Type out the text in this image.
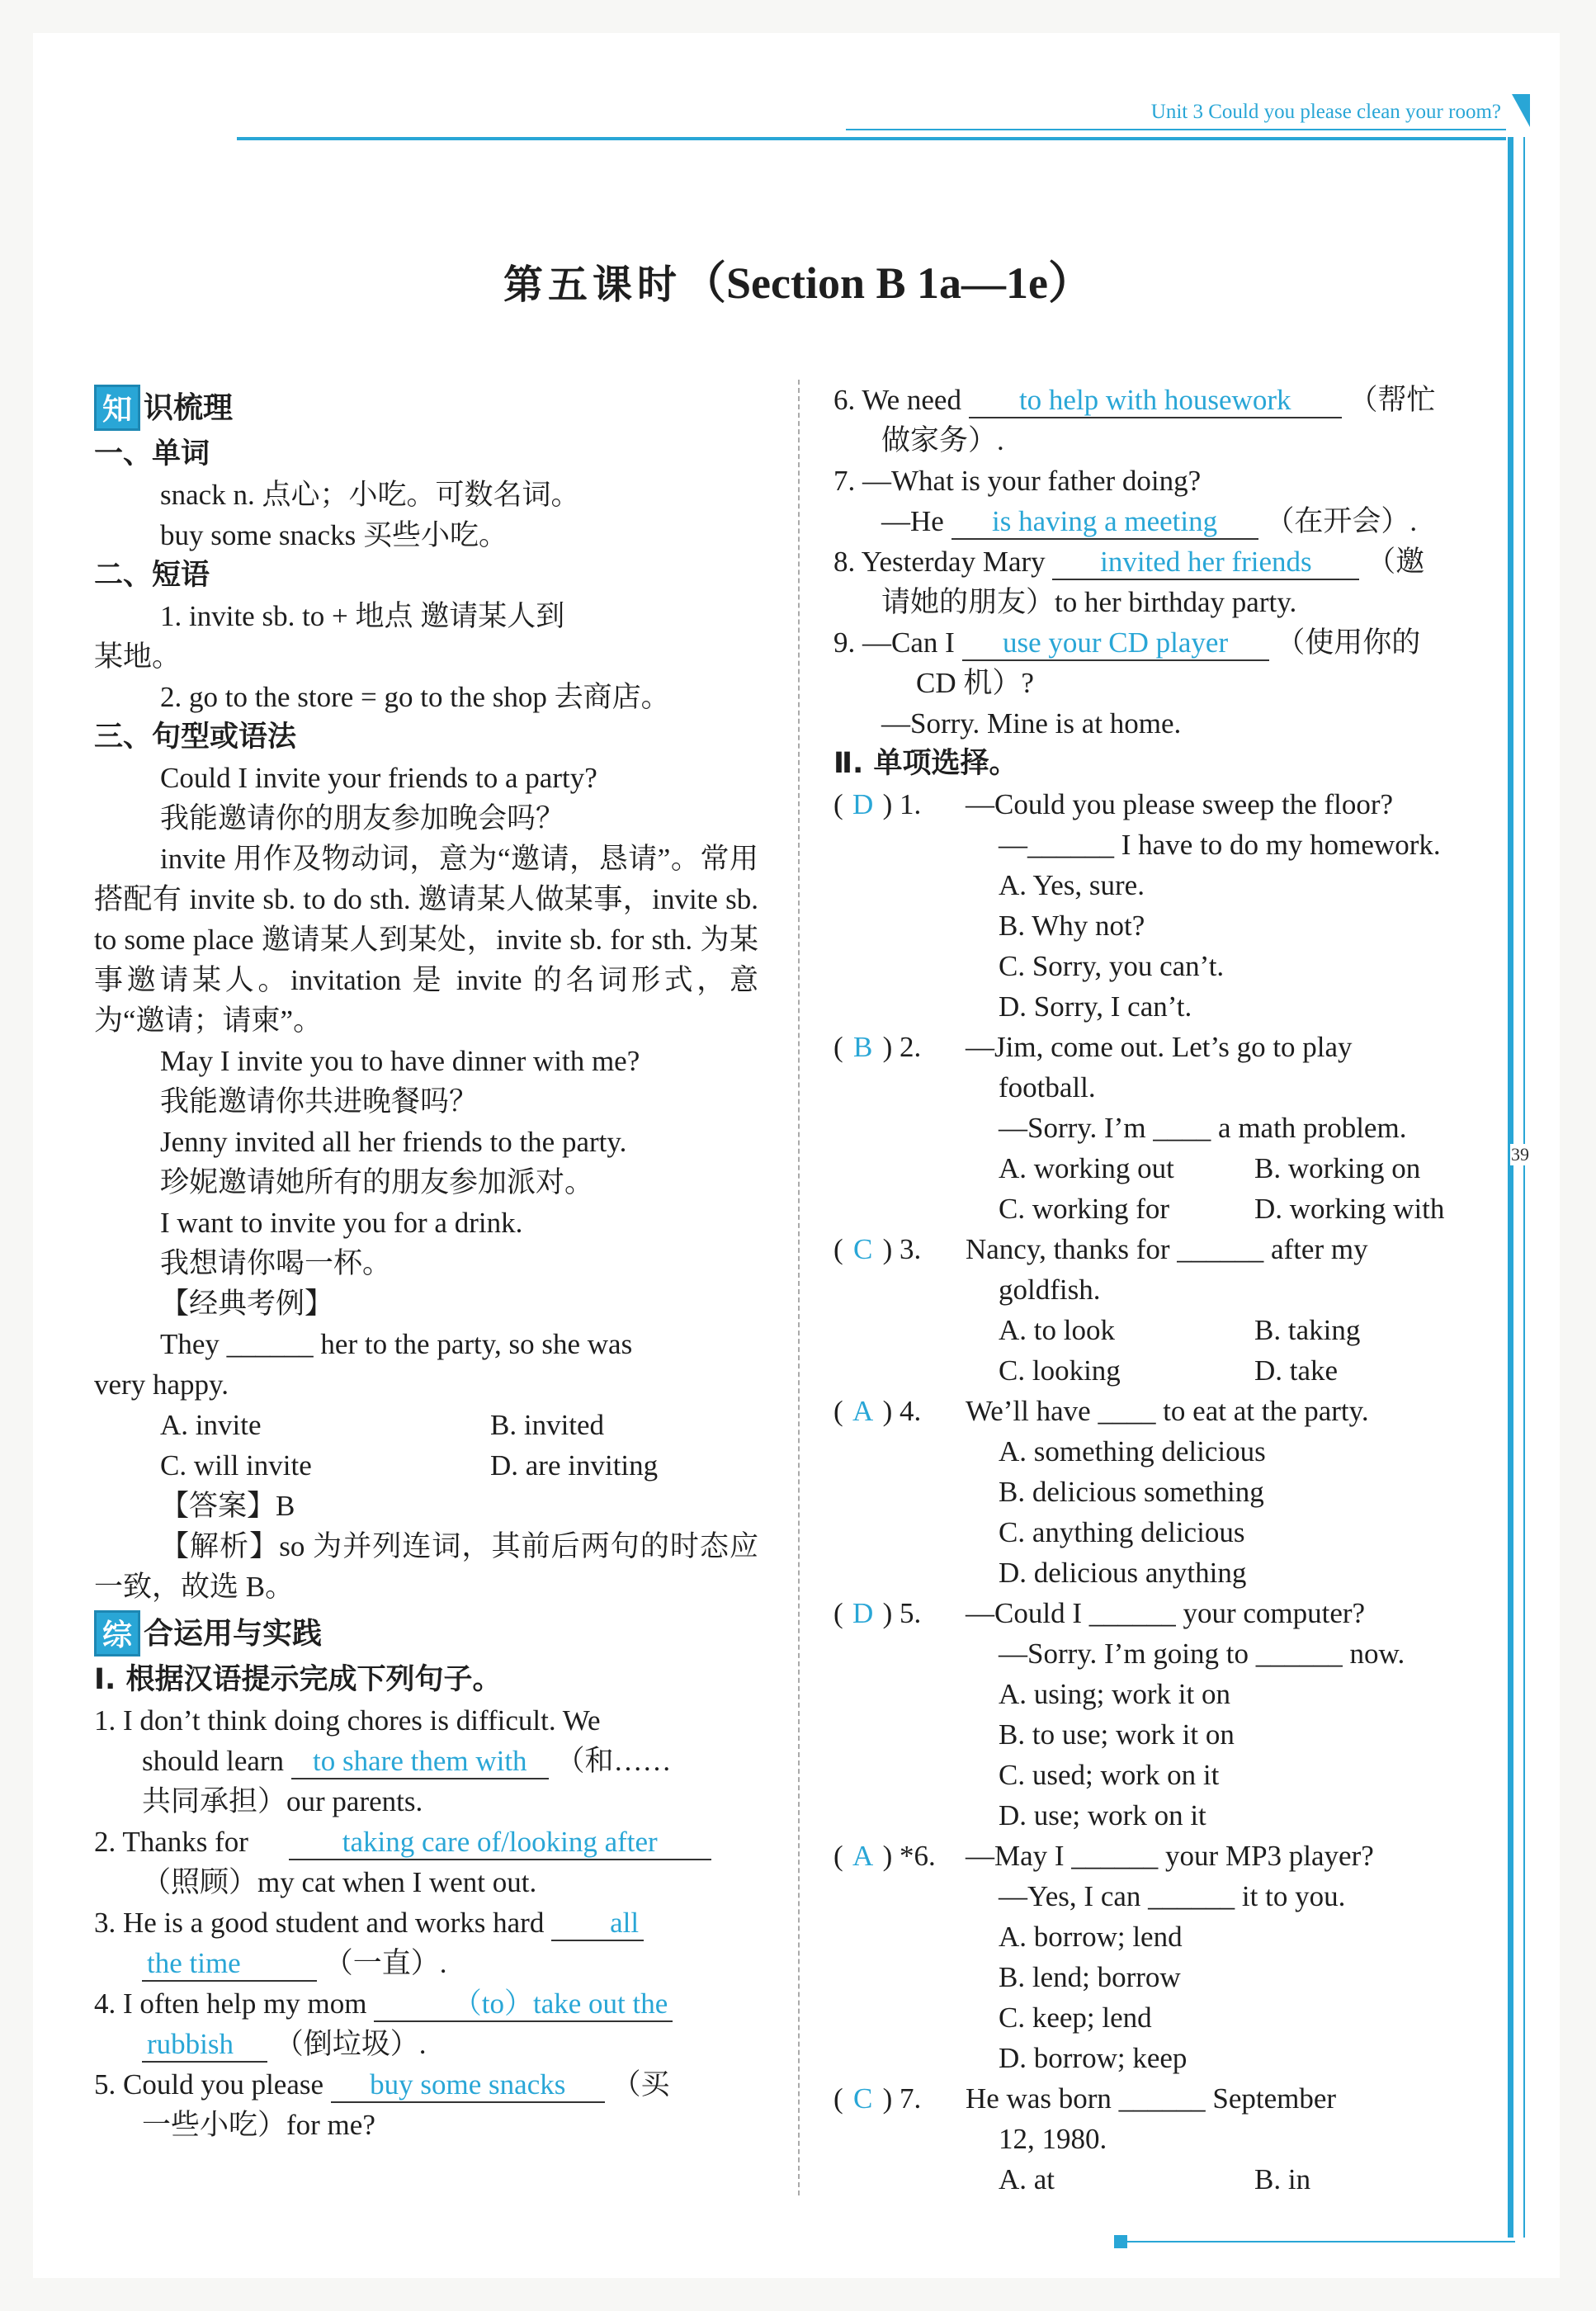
Unit 3 Could you please clean your room?
39
第五课时（Section B 1a—1e）
知 识梳理
一、单词
snack n. 点心；小吃。可数名词。
buy some snacks 买些小吃。
二、短语
1. invite sb. to + 地点 邀请某人到
某地。
2. go to the store = go to the shop 去商店。
三、句型或语法
Could I invite your friends to a party?
我能邀请你的朋友参加晚会吗？
invite 用作及物动词，意为“邀请，恳请”。常用搭配有 invite sb. to do sth. 邀请某人做某事，invite sb. to some place 邀请某人到某处，invite sb. for sth. 为某事邀请某人。invitation 是 invite 的名词形式，意为“邀请；请柬”。
May I invite you to have dinner with me?
我能邀请你共进晚餐吗？
Jenny invited all her friends to the party.
珍妮邀请她所有的朋友参加派对。
I want to invite you for a drink.
我想请你喝一杯。
【经典考例】
They ______ her to the party, so she was
very happy.
A. invite	B. invited
C. will invite	D. are inviting
【答案】B
【解析】so 为并列连词，其前后两句的时态应一致，故选 B。
综 合运用与实践
Ⅰ. 根据汉语提示完成下列句子。
1. I don’t think doing chores is difficult. We
should learn to share them with （和……
共同承担）our parents.
2. Thanks for	taking care of/looking after
（照顾）my cat when I went out.
3. He is a good student and works hard all
the time	（一直）.
4. I often help my mom	（to）take out the
rubbish （倒垃圾）.
5. Could you please buy some snacks （买
一些小吃）for me?
6. We need to help with housework （帮忙
做家务）.
7. —What is your father doing?
—He is having a meeting （在开会）.
8. Yesterday Mary invited her friends （邀
请她的朋友）to her birthday party.
9. —Can I use your CD player （使用你的
CD 机）?
—Sorry. Mine is at home.
Ⅱ. 单项选择。
( D ) 1.	—Could you please sweep the floor?
—______ I have to do my homework.
A. Yes, sure.
B. Why not?
C. Sorry, you can’t.
D. Sorry, I can’t.
( B ) 2.	—Jim, come out. Let’s go to play
football.
—Sorry. I’m ____ a math problem.
A. working out	B. working on
C. working for	D. working with
( C ) 3.	Nancy, thanks for ______ after my
goldfish.
A. to look	B. taking
C. looking	D. take
( A ) 4.	We’ll have ____ to eat at the party.
A. something delicious
B. delicious something
C. anything delicious
D. delicious anything
( D ) 5.	—Could I ______ your computer?
—Sorry. I’m going to ______ now.
A. using; work it on
B. to use; work it on
C. used; work on it
D. use; work on it
( A ) *6.	—May I ______ your MP3 player?
—Yes, I can ______ it to you.
A. borrow; lend
B. lend; borrow
C. keep; lend
D. borrow; keep
( C ) 7.	He was born ______ September
12, 1980.
A. at	B. in
